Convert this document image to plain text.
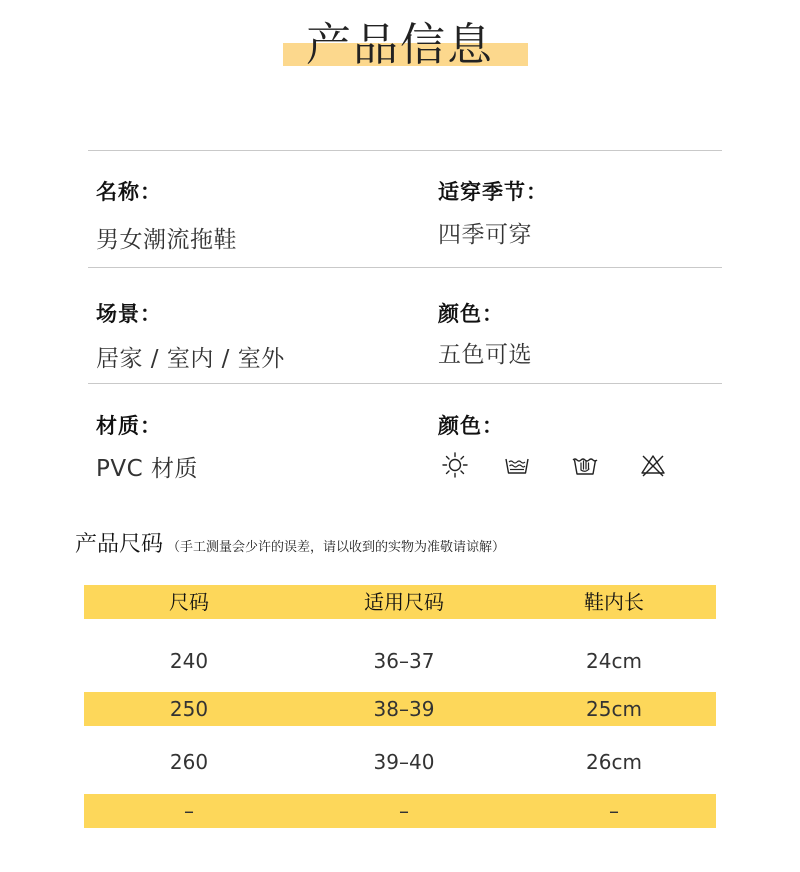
产品信息
名称：
男女潮流拖鞋
适穿季节：
四季可穿
场景：
居家 / 室内 / 室外
颜色：
五色可选
材质：
PVC 材质
颜色：
产品尺码 （手工测量会少许的误差，请以收到的实物为准敬请谅解）
尺码	适用尺码	鞋内长
240	36–37	24cm
250	38–39	25cm
260	39–40	26cm
–	–	–
